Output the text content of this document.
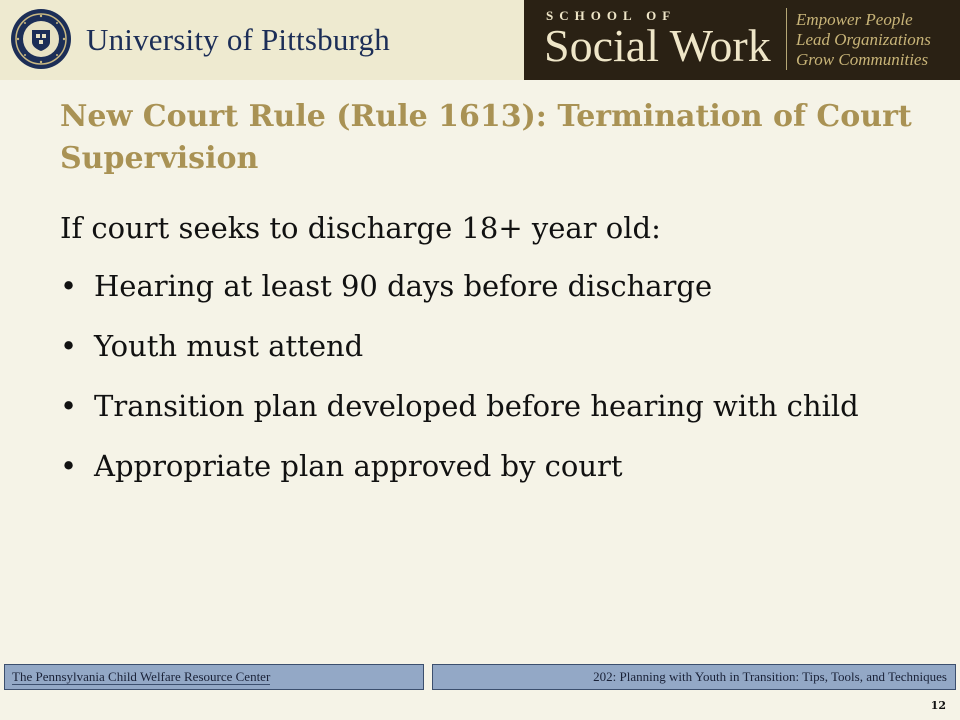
University of Pittsburgh
SCHOOL OF
Social Work
Empower People
Lead Organizations
Grow Communities
New Court Rule (Rule 1613): Termination of Court Supervision

If court seeks to discharge 18+ year old:

• Hearing at least 90 days before discharge
• Youth must attend
• Transition plan developed before hearing with child
• Appropriate plan approved by court
The Pennsylvania Child Welfare Resource Center	202: Planning with Youth in Transition: Tips, Tools, and Techniques
12
